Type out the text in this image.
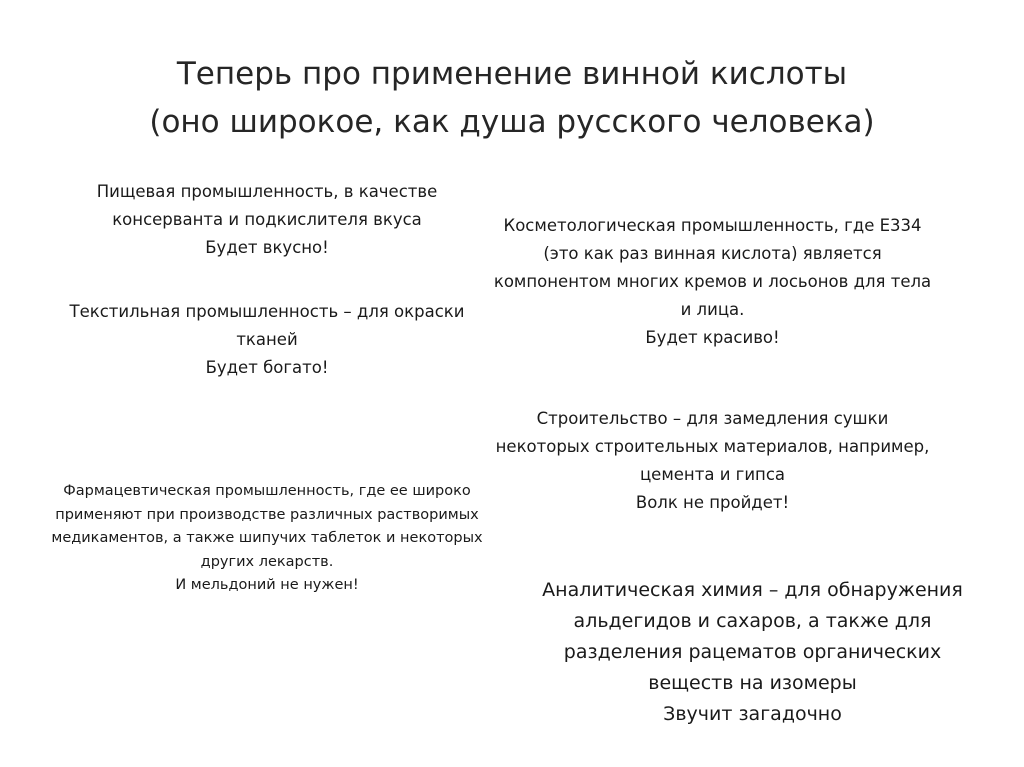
Теперь про применение винной кислоты
(оно широкое, как душа русского человека)
Пищевая промышленность, в качестве
консерванта и подкислителя вкуса
Будет вкусно!
Текстильная промышленность – для окраски
тканей
Будет богато!
Фармацевтическая промышленность, где ее широко
применяют при производстве различных растворимых
медикаментов, а также шипучих таблеток и некоторых
других лекарств.
И мельдоний не нужен!
Косметологическая промышленность, где Е334
(это как раз винная кислота) является
компонентом многих кремов и лосьонов для тела
и лица.
Будет красиво!
Строительство – для замедления сушки
некоторых строительных материалов, например,
цемента и гипса
Волк не пройдет!
Аналитическая химия – для обнаружения
альдегидов и сахаров, а также для
разделения рацематов органических
веществ на изомеры
Звучит загадочно
